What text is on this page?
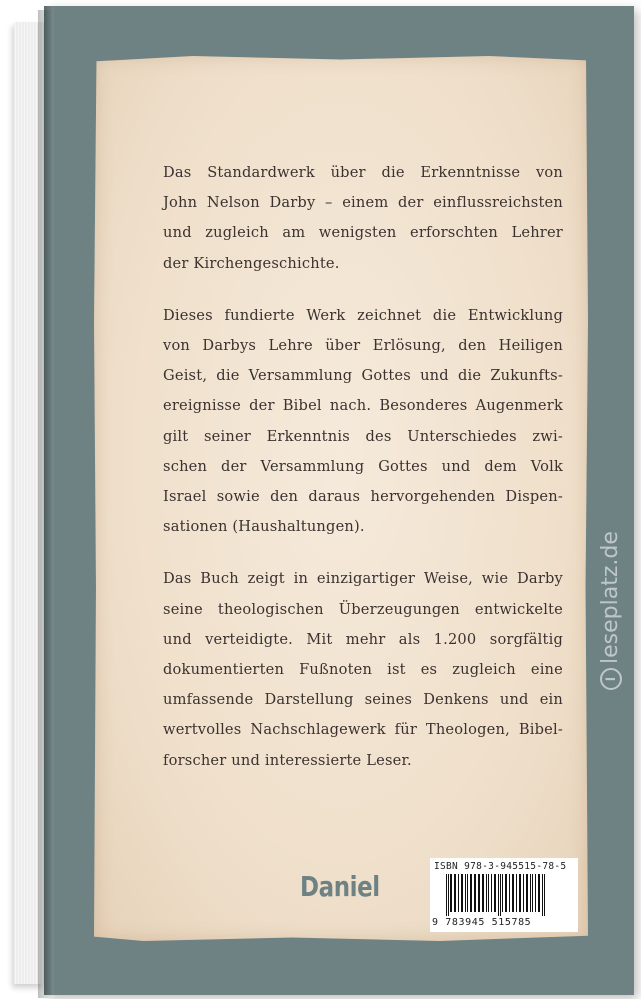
Das Standardwerk über die Erkenntnisse von
John Nelson Darby – einem der einflussreichsten
und zugleich am wenigsten erforschten Lehrer
der Kirchengeschichte.
Dieses fundierte Werk zeichnet die Entwicklung
von Darbys Lehre über Erlösung, den Heiligen
Geist, die Versammlung Gottes und die Zukunfts-
ereignisse der Bibel nach. Besonderes Augenmerk
gilt seiner Erkenntnis des Unterschiedes zwi-
schen der Versammlung Gottes und dem Volk
Israel sowie den daraus hervorgehenden Dispen-
sationen (Haushaltungen).
Das Buch zeigt in einzigartiger Weise, wie Darby
seine theologischen Überzeugungen entwickelte
und verteidigte. Mit mehr als 1.200 sorgfältig
dokumentierten Fußnoten ist es zugleich eine
umfassende Darstellung seines Denkens und ein
wertvolles Nachschlagewerk für Theologen, Bibel-
forscher und interessierte Leser.
Daniel
ISBN 978-3-945515-78-5
9 783945 515785
l
leseplatz.de
